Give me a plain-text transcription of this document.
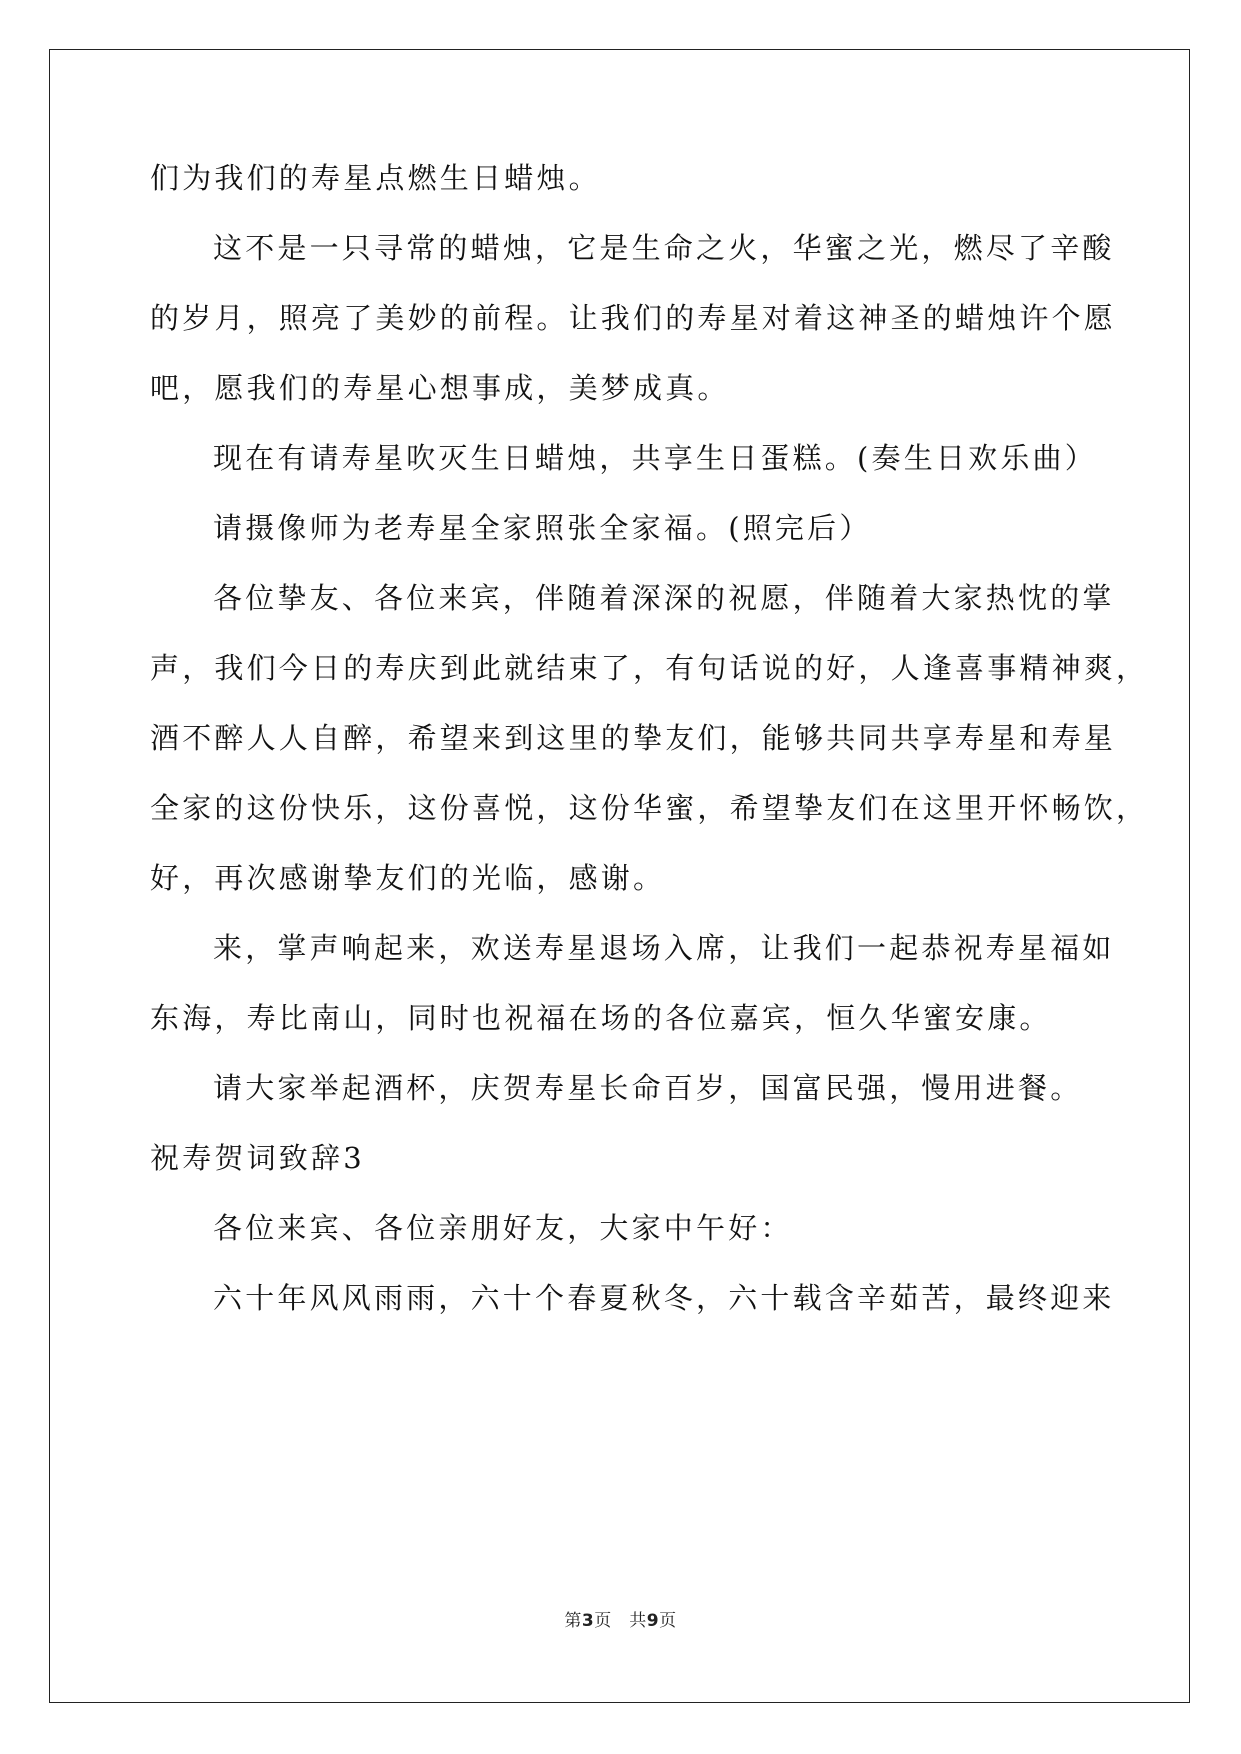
们为我们的寿星点燃生日蜡烛。
这不是一只寻常的蜡烛，它是生命之火，华蜜之光，燃尽了辛酸
的岁月，照亮了美妙的前程。让我们的寿星对着这神圣的蜡烛许个愿
吧，愿我们的寿星心想事成，美梦成真。
现在有请寿星吹灭生日蜡烛，共享生日蛋糕。(奏生日欢乐曲）
请摄像师为老寿星全家照张全家福。(照完后）
各位挚友、各位来宾，伴随着深深的祝愿，伴随着大家热忱的掌
声，我们今日的寿庆到此就结束了，有句话说的好，人逢喜事精神爽，
酒不醉人人自醉，希望来到这里的挚友们，能够共同共享寿星和寿星
全家的这份快乐，这份喜悦，这份华蜜，希望挚友们在这里开怀畅饮，
好，再次感谢挚友们的光临，感谢。
来，掌声响起来，欢送寿星退场入席，让我们一起恭祝寿星福如
东海，寿比南山，同时也祝福在场的各位嘉宾，恒久华蜜安康。
请大家举起酒杯，庆贺寿星长命百岁，国富民强，慢用进餐。
祝寿贺词致辞3
各位来宾、各位亲朋好友，大家中午好：
六十年风风雨雨，六十个春夏秋冬，六十载含辛茹苦，最终迎来
第3页　共9页
